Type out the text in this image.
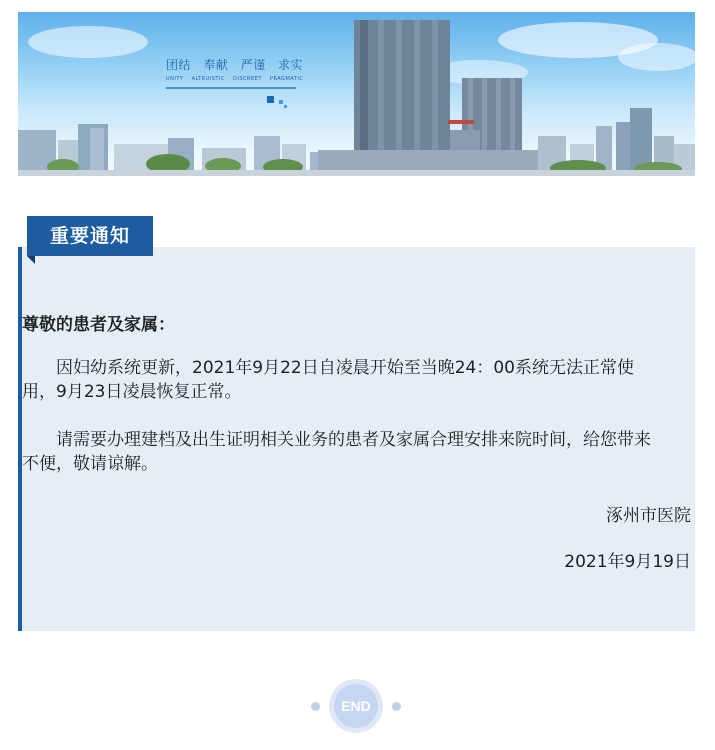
团结 奉献 严谨 求实
UNITY ALTRUISTIC DISCREET PRAGMATIC
重要通知
尊敬的患者及家属：
因妇幼系统更新，2021年9月22日自凌晨开始至当晚24：00系统无法正常使用，9月23日凌晨恢复正常。
请需要办理建档及出生证明相关业务的患者及家属合理安排来院时间，给您带来不便，敬请谅解。
涿州市医院
2021年9月19日
END
